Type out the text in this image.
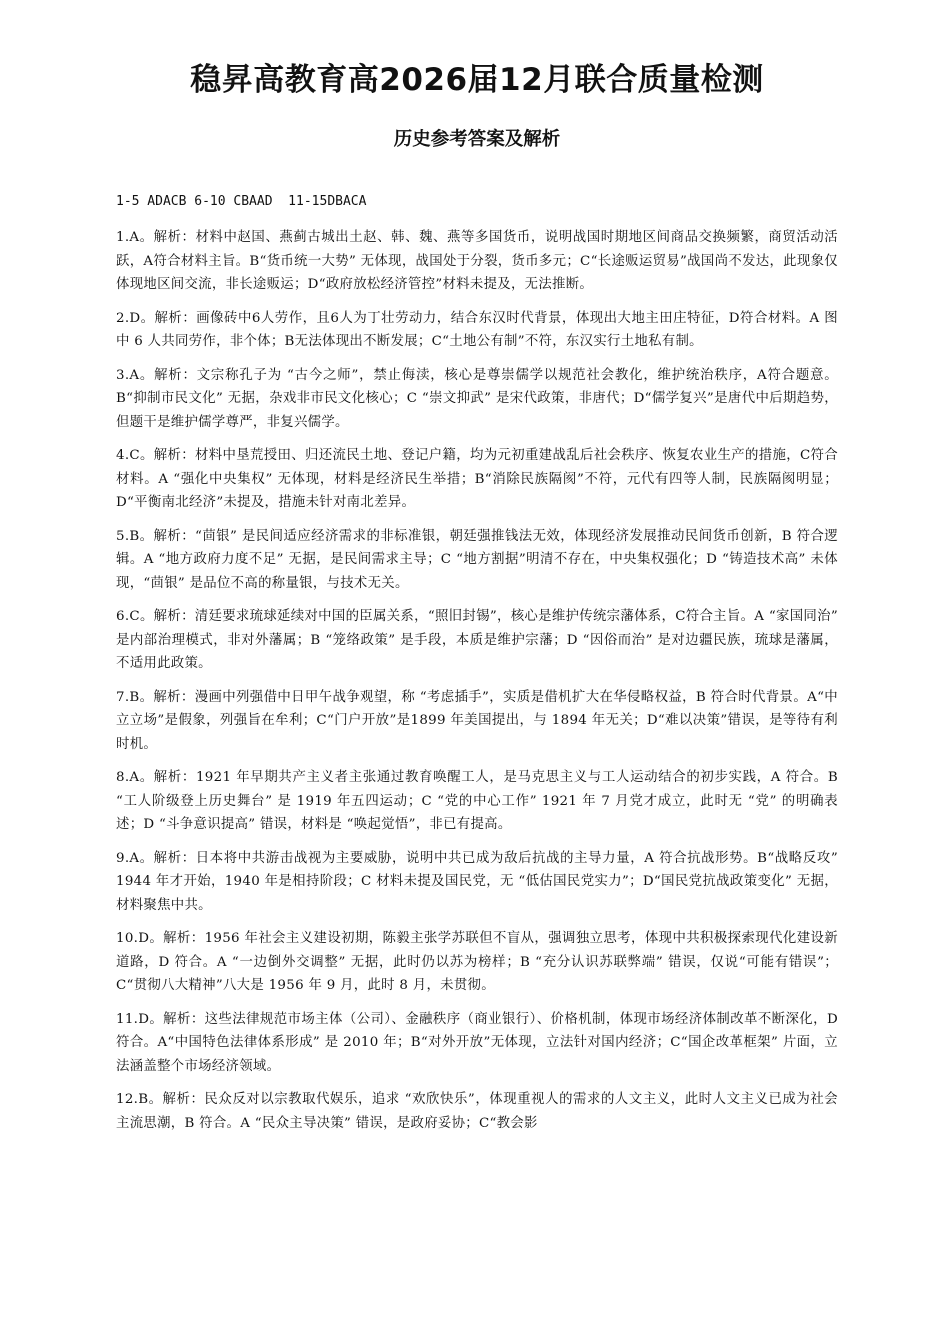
稳昇高教育高2026届12月联合质量检测
历史参考答案及解析
1-5 ADACB 6-10 CBAAD  11-15DBACA

1.A。解析：材料中赵国、燕蓟古城出土赵、韩、魏、燕等多国货币，说明战国时期地区间商品交换频繁，商贸活动活跃，A符合材料主旨。B“货币统一大势” 无体现，战国处于分裂，货币多元；C“长途贩运贸易”战国尚不发达，此现象仅体现地区间交流，非长途贩运；D“政府放松经济管控”材料未提及，无法推断。

2.D。解析：画像砖中6人劳作，且6人为丁壮劳动力，结合东汉时代背景，体现出大地主田庄特征，D符合材料。A 图中 6 人共同劳作，非个体；B无法体现出不断发展；C“土地公有制”不符，东汉实行土地私有制。

3.A。解析：文宗称孔子为 “古今之师”，禁止侮渎，核心是尊崇儒学以规范社会教化，维护统治秩序，A符合题意。B“抑制市民文化” 无据，杂戏非市民文化核心；C “崇文抑武” 是宋代政策，非唐代；D“儒学复兴”是唐代中后期趋势，但题干是维护儒学尊严，非复兴儒学。

4.C。解析：材料中垦荒授田、归还流民土地、登记户籍，均为元初重建战乱后社会秩序、恢复农业生产的措施，C符合材料。A “强化中央集权” 无体现，材料是经济民生举措；B“消除民族隔阂”不符，元代有四等人制，民族隔阂明显；D“平衡南北经济”未提及，措施未针对南北差异。

5.B。解析：“茴银” 是民间适应经济需求的非标准银，朝廷强推钱法无效，体现经济发展推动民间货币创新，B 符合逻辑。A “地方政府力度不足” 无据，是民间需求主导；C “地方割据”明清不存在，中央集权强化；D “铸造技术高” 未体现，“茴银” 是品位不高的称量银，与技术无关。

6.C。解析：清廷要求琉球延续对中国的臣属关系，“照旧封锡”，核心是维护传统宗藩体系，C符合主旨。A “家国同治” 是内部治理模式，非对外藩属；B “笼络政策” 是手段，本质是维护宗藩；D “因俗而治” 是对边疆民族，琉球是藩属，不适用此政策。

7.B。解析：漫画中列强借中日甲午战争观望，称 “考虑插手”，实质是借机扩大在华侵略权益，B 符合时代背景。A“中立立场”是假象，列强旨在牟利；C“门户开放”是1899 年美国提出，与 1894 年无关；D“难以决策”错误，是等待有利时机。

8.A。解析：1921 年早期共产主义者主张通过教育唤醒工人，是马克思主义与工人运动结合的初步实践，A 符合。B “工人阶级登上历史舞台” 是 1919 年五四运动；C “党的中心工作” 1921 年 7 月党才成立，此时无 “党” 的明确表述；D “斗争意识提高” 错误，材料是 “唤起觉悟”，非已有提高。

9.A。解析：日本将中共游击战视为主要威胁，说明中共已成为敌后抗战的主导力量，A 符合抗战形势。B“战略反攻” 1944 年才开始，1940 年是相持阶段；C 材料未提及国民党，无 “低估国民党实力”；D“国民党抗战政策变化” 无据，材料聚焦中共。

10.D。解析：1956 年社会主义建设初期，陈毅主张学苏联但不盲从，强调独立思考，体现中共积极探索现代化建设新道路，D 符合。A “一边倒外交调整” 无据，此时仍以苏为榜样；B “充分认识苏联弊端” 错误，仅说“可能有错误”；C“贯彻八大精神”八大是 1956 年 9 月，此时 8 月，未贯彻。

11.D。解析：这些法律规范市场主体（公司）、金融秩序（商业银行）、价格机制，体现市场经济体制改革不断深化，D符合。A“中国特色法律体系形成” 是 2010 年；B“对外开放”无体现，立法针对国内经济；C“国企改革框架” 片面，立法涵盖整个市场经济领域。

12.B。解析：民众反对以宗教取代娱乐，追求 “欢欣快乐”，体现重视人的需求的人文主义，此时人文主义已成为社会主流思潮，B 符合。A “民众主导决策” 错误，是政府妥协；C“教会影
